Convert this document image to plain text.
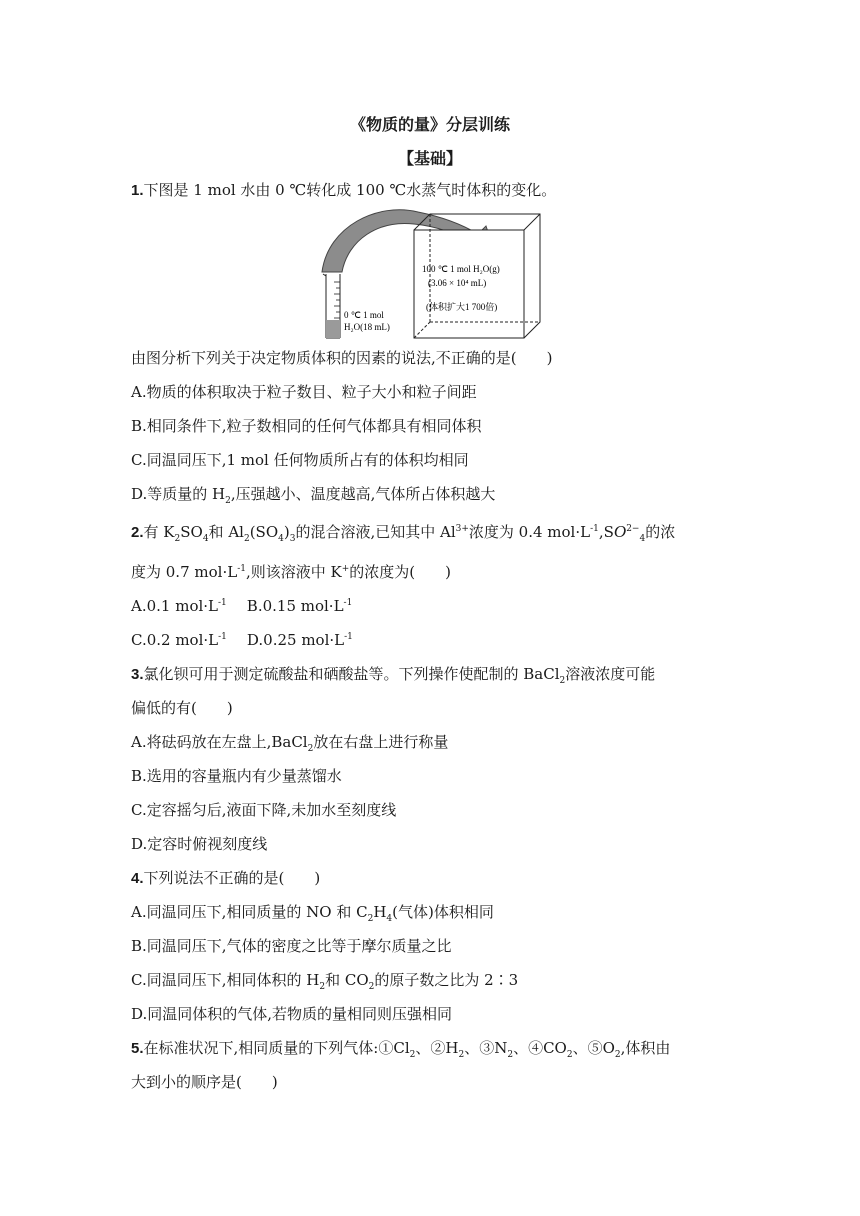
《物质的量》分层训练
【基础】
1.下图是 1 mol 水由 0 ℃转化成 100 ℃水蒸气时体积的变化。
0 ℃ 1 mol
H₂O(18 mL)
100 ℃ 1 mol H₂O(g)
(3.06 × 10⁴ mL)
(体积扩大1 700倍)
由图分析下列关于决定物质体积的因素的说法,不正确的是(　　)
A.物质的体积取决于粒子数目、粒子大小和粒子间距
B.相同条件下,粒子数相同的任何气体都具有相同体积
C.同温同压下,1 mol 任何物质所占有的体积均相同
D.等质量的 $H_2$,压强越小、温度越高,气体所占体积越大
2.有 $K_2SO_4$和 $Al_2(SO_4)_3$的混合溶液,已知其中 $Al^{3+}$浓度为 0.4 $mol\cdot L^{-1},SO^{2-}_4$的浓
度为 0.7 $mol\cdot L^{-1}$,则该溶液中 K+的浓度为(　　)
A.0.1 $mol\cdot L^{-1}$ B.0.15 $mol\cdot L^{-1}$
C.0.2 $mol\cdot L^{-1}$ D.0.25 $mol\cdot L^{-1}$
3.氯化钡可用于测定硫酸盐和硒酸盐等。下列操作使配制的 BaCl$_2$溶液浓度可能
偏低的有(　　)
A.将砝码放在左盘上,BaCl$_2$放在右盘上进行称量
B.选用的容量瓶内有少量蒸馏水
C.定容摇匀后,液面下降,未加水至刻度线
D.定容时俯视刻度线
4.下列说法不正确的是(　　)
A.同温同压下,相同质量的 NO 和 $C_2H_4$(气体)体积相同
B.同温同压下,气体的密度之比等于摩尔质量之比
C.同温同压下,相同体积的 $H_2$和 $CO_2$的原子数之比为 2∶3
D.同温同体积的气体,若物质的量相同则压强相同
5.在标准状况下,相同质量的下列气体$:①Cl_2$、$②H_2$、$③N_2$、$④CO_2$、$⑤O_2$,体积由
大到小的顺序是(　　)
